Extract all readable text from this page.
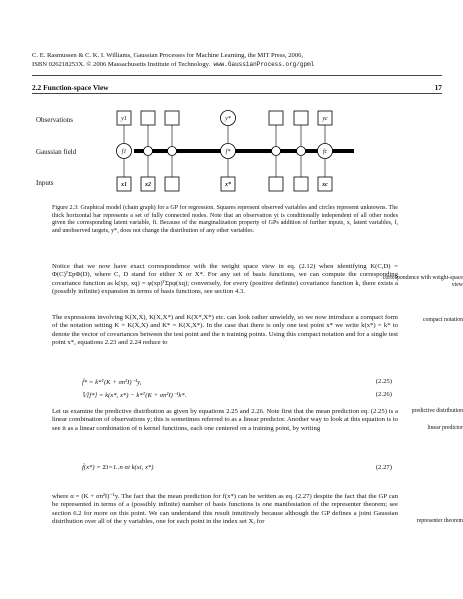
C. E. Rasmussen & C. K. I. Williams, Gaussian Processes for Machine Learning, the MIT Press, 2006,
ISBN 026218253X. © 2006 Massachusetts Institute of Technology. www.GaussianProcess.org/gpml
2.2 Function-space View	17
Observations
Gaussian field
Inputs
y1	y*	yc
f1	f*	fc
x1	x2	x*	xc
Figure 2.3: Graphical model (chain graph) for a GP for regression. Squares represent observed variables and circles represent unknowns. The thick horizontal bar represents a set of fully connected nodes. Note that an observation yi is conditionally independent of all other nodes given the corresponding latent variable, fi. Because of the marginalization property of GPs addition of further inputs, x, latent variables, f, and unobserved targets, y*, does not change the distribution of any other variables.
Notice that we now have exact correspondence with the weight space view in eq. (2.12) when identifying K(C,D) = Φ(C)ᵀΣpΦ(D), where C, D stand for either X or X*. For any set of basis functions, we can compute the corresponding covariance function as k(xp, xq) = φ(xp)ᵀΣpφ(xq); conversely, for every (positive definite) covariance function k, there exists a (possibly infinite) expansion in terms of basis functions, see section 4.3.
The expressions involving K(X,X), K(X,X*) and K(X*,X*) etc. can look rather unwieldy, so we now introduce a compact form of the notation setting K = K(X,X) and K* = K(X,X*). In the case that there is only one test point x* we write k(x*) = k* to denote the vector of covariances between the test point and the n training points. Using this compact notation and for a single test point x*, equations 2.23 and 2.24 reduce to
f̄* = k*ᵀ(K + σn²I)⁻¹y,	(2.25)
𝕍[f*] = k(x*, x*) − k*ᵀ(K + σn²I)⁻¹k*.	(2.26)
Let us examine the predictive distribution as given by equations 2.25 and 2.26. Note first that the mean prediction eq. (2.25) is a linear combination of observations y; this is sometimes referred to as a linear predictor. Another way to look at this equation is to see it as a linear combination of n kernel functions, each one centered on a training point, by writing
f̄(x*) = Σi=1..n αi k(xi, x*)	(2.27)
where α = (K + σn²I)⁻¹y. The fact that the mean prediction for f(x*) can be written as eq. (2.27) despite the fact that the GP can be represented in terms of a (possibly infinite) number of basis functions is one manifestation of the representer theorem; see section 6.2 for more on this point. We can understand this result intuitively because although the GP defines a joint Gaussian distribution over all of the y variables, one for each point in the index set X, for
correspondence with weight-space view
compact notation
predictive distribution
linear predictor
representer theorem
